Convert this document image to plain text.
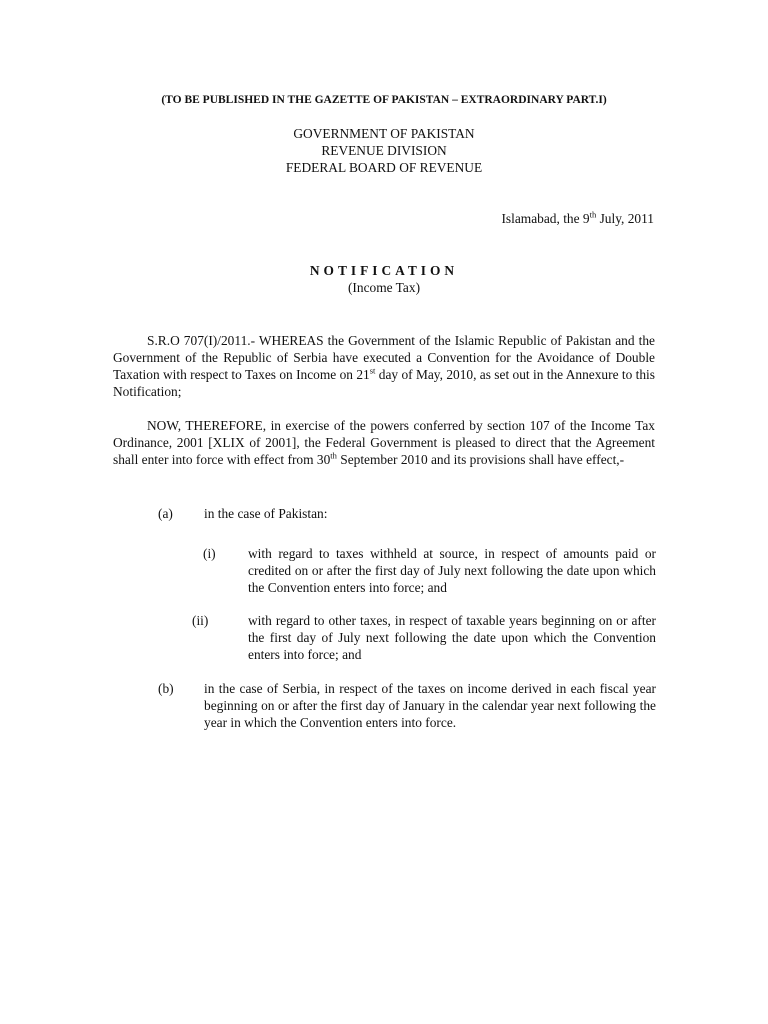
(TO BE PUBLISHED IN THE GAZETTE OF PAKISTAN – EXTRAORDINARY PART.I)
GOVERNMENT OF PAKISTAN
REVENUE DIVISION
FEDERAL BOARD OF REVENUE
Islamabad, the 9th July, 2011
NOTIFICATION
(Income Tax)

S.R.O 707(I)/2011.- WHEREAS the Government of the Islamic Republic of Pakistan and the Government of the Republic of Serbia have executed a Convention for the Avoidance of Double Taxation with respect to Taxes on Income on 21st day of May, 2010, as set out in the Annexure to this Notification;

NOW, THEREFORE, in exercise of the powers conferred by section 107 of the Income Tax Ordinance, 2001 [XLIX of 2001], the Federal Government is pleased to direct that the Agreement shall enter into force with effect from 30th September 2010 and its provisions shall have effect,-

(a) in the case of Pakistan:
(i) with regard to taxes withheld at source, in respect of amounts paid or credited on or after the first day of July next following the date upon which the Convention enters into force; and
(ii)	with regard to other taxes, in respect of taxable years beginning on or after the first day of July next following the date upon which the Convention enters into force; and
(b) in the case of Serbia, in respect of the taxes on income derived in each fiscal year beginning on or after the first day of January in the calendar year next following the year in which the Convention enters into force.
